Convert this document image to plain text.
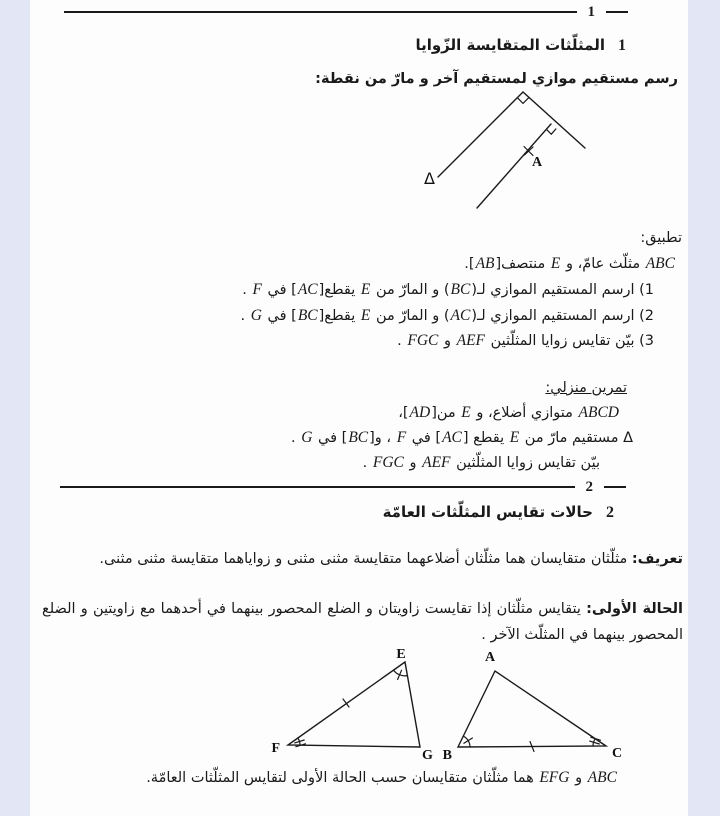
1
1
المثلّثات المتقايسة الزّوايا
رسم مستقيم موازي لمستقيم آخر و مارّ من نقطة:
Δ
A
تطبيق:
ABC مثلّث عامّ، و E منتصف[AB].
1) ارسم المستقيم الموازي لـ(BC) و المارّ من E يقطع[AC] في F .
2) ارسم المستقيم الموازي لـ(AC) و المارّ من E يقطع[BC] في G .
3) بيّن تقايس زوايا المثلّثين AEF و FGC .
تمرين منزلي:
ABCD متوازي أضلاع، و E من[AD]،
Δ مستقيم مارّ من E يقطع [AC] في F ، و[BC] في G .
بيّن تقايس زوايا المثلّثين AEF و FGC .
2
2
حالات تقايس المثلّثات العامّة
تعريف: مثلّثان متقايسان هما مثلّثان أضلاعهما متقايسة مثنى مثنى و زواياهما متقايسة مثنى مثنى.
الحالة الأولى: يتقايس مثلّثان إذا تقايست زاويتان و الضلع المحصور بينهما في أحدهما مع زاويتين و الضلع المحصور بينهما في المثلّث الآخر .
E
F	G
A
B	C
ABC و EFG هما مثلّثان متقايسان حسب الحالة الأولى لتقايس المثلّثات العامّة.
